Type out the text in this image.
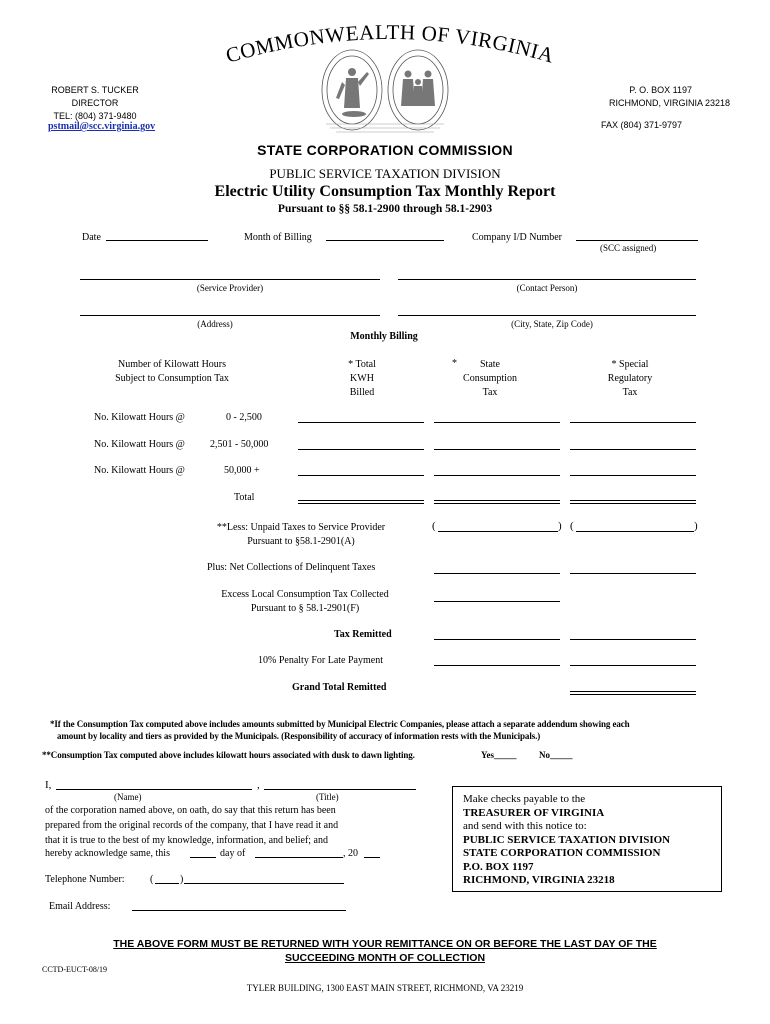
COMMONWEALTH OF VIRGINIA
ROBERT S. TUCKER
DIRECTOR
TEL: (804) 371-9480
pstmail@scc.virginia.gov
P. O. BOX 1197
RICHMOND, VIRGINIA 23218
FAX (804) 371-9797
STATE CORPORATION COMMISSION
PUBLIC SERVICE TAXATION DIVISION
Electric Utility Consumption Tax Monthly Report
Pursuant to §§ 58.1-2900 through 58.1-2903
Date	Month of Billing	Company I/D Number
(SCC assigned)
(Service Provider)	(Contact Person)
(Address)	(City, State, Zip Code)
Monthly Billing
Number of Kilowatt Hours
Subject to Consumption Tax
* Total
KWH
Billed
*	State
Consumption
Tax
* Special
Regulatory
Tax
No. Kilowatt Hours @	0 - 2,500
No. Kilowatt Hours @	2,501 - 50,000
No. Kilowatt Hours @	50,000 +
Total
**Less: Unpaid Taxes to Service Provider
Pursuant to §58.1-2901(A)
(	) (	)
Plus: Net Collections of Delinquent Taxes
Excess Local Consumption Tax Collected
Pursuant to § 58.1-2901(F)
Tax Remitted
10% Penalty For Late Payment
Grand Total Remitted
*If the Consumption Tax computed above includes amounts submitted by Municipal Electric Companies, please attach a separate addendum showing each
amount by locality and tiers as provided by the Municipals. (Responsibility of accuracy of information rests with the Municipals.)
**Consumption Tax computed above includes kilowatt hours associated with dusk to dawn lighting.	Yes_____	No_____
I,	,
(Name)	(Title)
of the corporation named above, on oath, do say that this return has been
prepared from the original records of the company, that I have read it and
that it is true to the best of my knowledge, information, and belief; and
hereby acknowledge same, this	day of	, 20
Telephone Number:	(	)
Email Address:
Make checks payable to the
TREASURER OF VIRGINIA
and send with this notice to:
PUBLIC SERVICE TAXATION DIVISION
STATE CORPORATION COMMISSION
P.O. BOX 1197
RICHMOND, VIRGINIA 23218
THE ABOVE FORM MUST BE RETURNED WITH YOUR REMITTANCE ON OR BEFORE THE LAST DAY OF THE
SUCCEEDING MONTH OF COLLECTION
CCTD-EUCT-08/19
TYLER BUILDING, 1300 EAST MAIN STREET, RICHMOND, VA 23219
